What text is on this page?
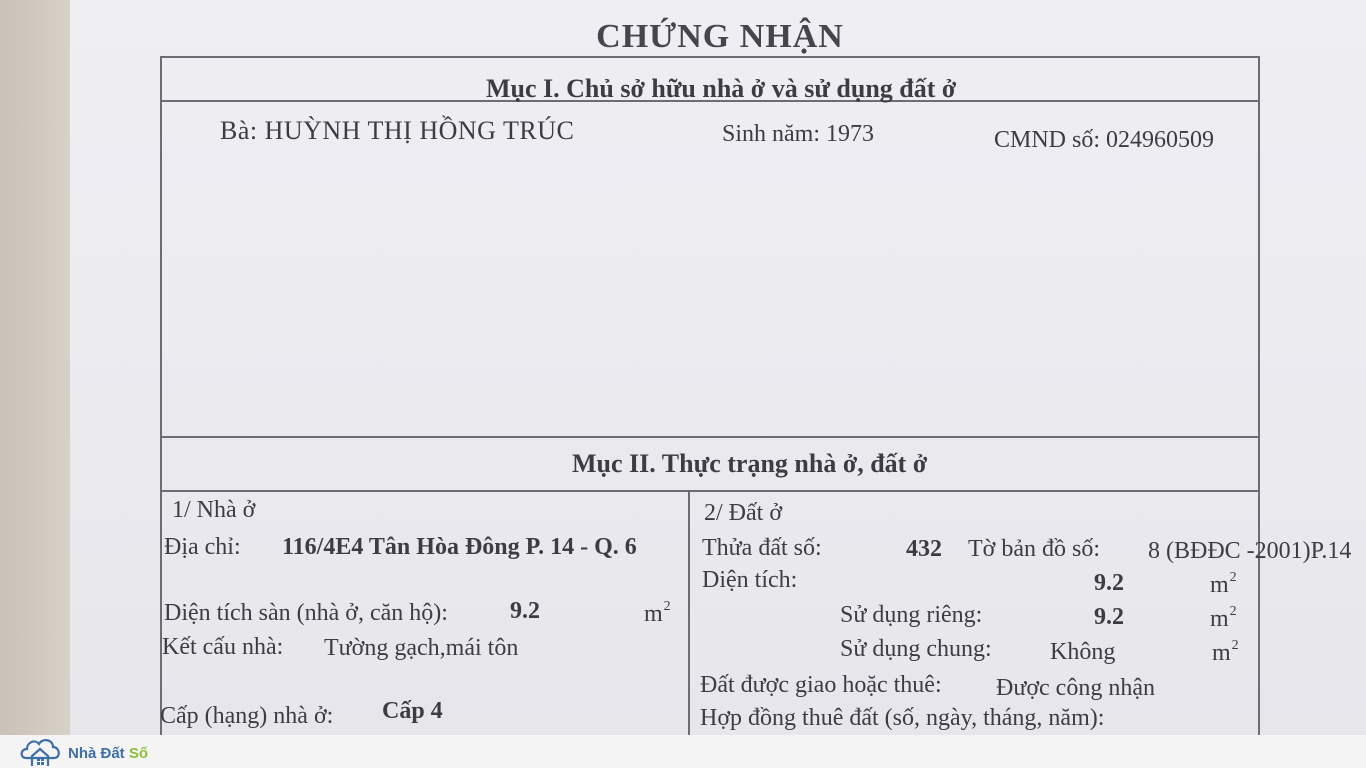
CHỨNG NHẬN
Mục I. Chủ sở hữu nhà ở và sử dụng đất ở
Bà: HUỲNH THỊ HỒNG TRÚC	Sinh năm: 1973	CMND số: 024960509
Mục II. Thực trạng nhà ở, đất ở
1/ Nhà ở
Địa chỉ: 116/4E4 Tân Hòa Đông P. 14 - Q. 6
Diện tích sàn (nhà ở, căn hộ):	9.2	$m^2$
Kết cấu nhà: Tường gạch,mái tôn
Cấp (hạng) nhà ở: Cấp 4
2/ Đất ở
Thửa đất số:	432 Tờ bản đồ số: 8 (BĐĐC -2001)P.14
Diện tích:	9.2	$m^2$
Sử dụng riêng:	9.2	$m^2$
Sử dụng chung: Không	$m^2$
Đất được giao hoặc thuê: Được công nhận
Hợp đồng thuê đất (số, ngày, tháng, năm):
Nhà Đất Số
